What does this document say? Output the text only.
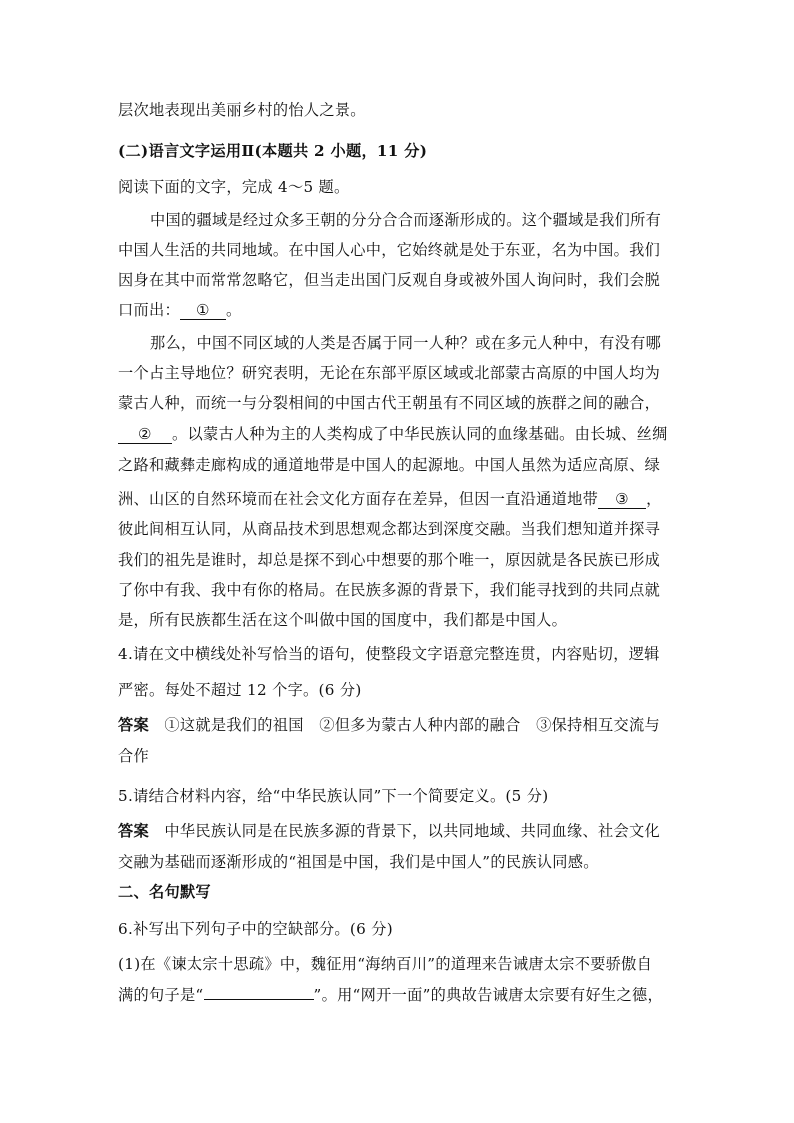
层次地表现出美丽乡村的怡人之景。
(二)语言文字运用Ⅱ(本题共 2 小题，11 分)
阅读下面的文字，完成 4～5 题。
中国的疆域是经过众多王朝的分分合合而逐渐形成的。这个疆域是我们所有
中国人生活的共同地域。在中国人心中，它始终就是处于东亚，名为中国。我们
因身在其中而常常忽略它，但当走出国门反观自身或被外国人询问时，我们会脱
口而出： ① 。
那么，中国不同区域的人类是否属于同一人种？或在多元人种中，有没有哪
一个占主导地位？研究表明，无论在东部平原区域或北部蒙古高原的中国人均为
蒙古人种，而统一与分裂相间的中国古代王朝虽有不同区域的族群之间的融合，
② 。以蒙古人种为主的人类构成了中华民族认同的血缘基础。由长城、丝绸
之路和藏彝走廊构成的通道地带是中国人的起源地。中国人虽然为适应高原、绿
洲、山区的自然环境而在社会文化方面存在差异，但因一直沿通道地带 ③ ，
彼此间相互认同，从商品技术到思想观念都达到深度交融。当我们想知道并探寻
我们的祖先是谁时，却总是探不到心中想要的那个唯一，原因就是各民族已形成
了你中有我、我中有你的格局。在民族多源的背景下，我们能寻找到的共同点就
是，所有民族都生活在这个叫做中国的国度中，我们都是中国人。
4.请在文中横线处补写恰当的语句，使整段文字语意完整连贯，内容贴切，逻辑
严密。每处不超过 12 个字。(6 分)
答案 ①这就是我们的祖国　②但多为蒙古人种内部的融合　③保持相互交流与
合作
5.请结合材料内容，给“中华民族认同”下一个简要定义。(5 分)
答案 中华民族认同是在民族多源的背景下，以共同地域、共同血缘、社会文化
交融为基础而逐渐形成的“祖国是中国，我们是中国人”的民族认同感。
二、名句默写
6.补写出下列句子中的空缺部分。(6 分)
(1)在《谏太宗十思疏》中，魏征用“海纳百川”的道理来告诫唐太宗不要骄傲自
满的句子是“	”。用“网开一面”的典故告诫唐太宗要有好生之德，
